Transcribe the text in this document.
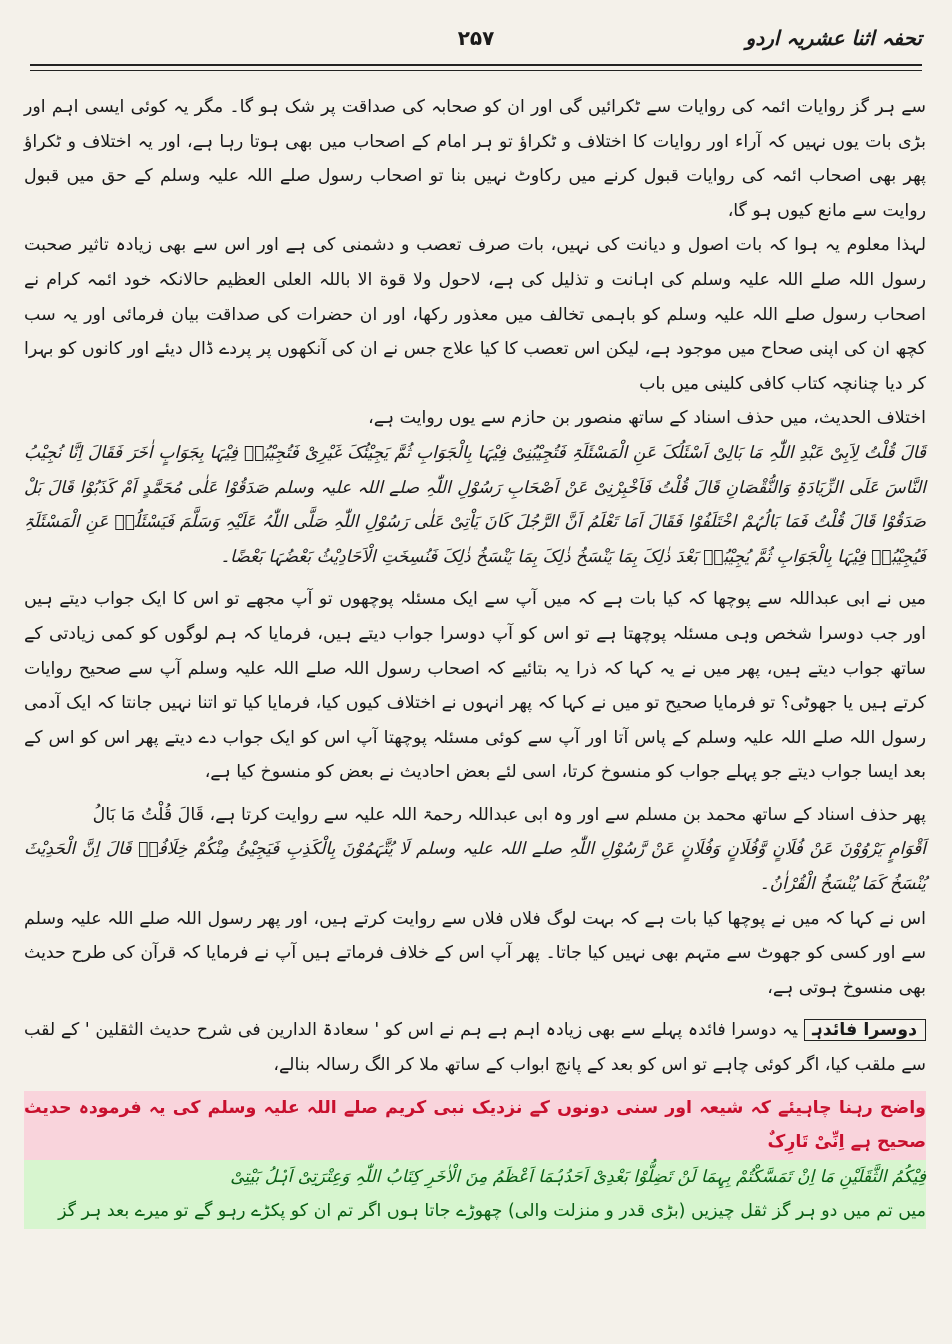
تحفہ اثنا عشریہ اردو
۲۵۷

سے ہر گز روایات ائمہ کی روایات سے ٹکرائیں گی اور ان کو صحابہ کی صداقت پر شک ہو گا۔ مگر یہ کوئی ایسی اہم اور بڑی بات یوں نہیں کہ آراء اور روایات کا اختلاف و ٹکراؤ تو ہر امام کے اصحاب میں بھی ہوتا رہا ہے، اور یہ اختلاف و ٹکراؤ پھر بھی اصحاب ائمہ کی روایات قبول کرنے میں رکاوٹ نہیں بنا تو اصحاب رسول صلے اللہ علیہ وسلم کے حق میں قبول روایت سے مانع کیوں ہو گا،

لہذا معلوم یہ ہوا کہ بات اصول و دیانت کی نہیں، بات صرف تعصب و دشمنی کی ہے اور اس سے بھی زیادہ تاثیر صحبت رسول اللہ صلے اللہ علیہ وسلم کی اہانت و تذلیل کی ہے، لاحول ولا قوة الا باللہ العلی العظیم حالانکہ خود ائمہ کرام نے اصحاب رسول صلے اللہ علیہ وسلم کو باہمی تخالف میں معذور رکھا، اور ان حضرات کی صداقت بیان فرمائی اور یہ سب کچھ ان کی اپنی صحاح میں موجود ہے، لیکن اس تعصب کا کیا علاج جس نے ان کی آنکھوں پر پردے ڈال دیئے اور کانوں کو بہرا کر دیا چنانچہ کتاب کافی کلینی میں باب

اختلاف الحدیث، میں حذف اسناد کے ساتھ منصور بن حازم سے یوں روایت ہے،

قَالَ قُلْتُ لِاَبِیْ عَبْدِ اللّٰہِ مَا بَالِیْ اَسْئَلُکَ عَنِ الْمَسْئَلَۃِ فَتُجِیْبُنِیْ فِیْہَا بِالْجَوَابِ ثُمَّ یَجِیْئُکَ غَیْرِیْ فَتُجِیْبُہٗ فِیْہَا بِجَوَابٍ اٰخَرَ فَقَالَ اِنَّا نُجِیْبُ النَّاسَ عَلَی الزِّیَادَۃِ وَالنُّقْصَانِ قَالَ قُلْتُ فَاَخْبِرْنِیْ عَنْ اَصْحَابِ رَسُوْلِ اللّٰہِ صلے اللہ علیہ وسلم صَدَقُوْا عَلٰی مُحَمَّدٍ اَمْ کَذَبُوْا قَالَ بَلْ صَدَقُوْا قَالَ قُلْتُ فَمَا بَالُہُمْ اخْتَلَفُوْا فَقَالَ اَمَا تَعْلَمُ اَنَّ الرَّجُلَ کَانَ یَاْتِیْ عَلٰی رَسُوْلِ اللّٰہِ صَلَّی اللّٰہُ عَلَیْہِ وَسَلَّمَ فَیَسْئَلُہٗ عَنِ الْمَسْئَلَۃِ فَیُجِیْبُہٗ فِیْہَا بِالْجَوَابِ ثُمَّ یُجِیْبُہٗ بَعْدَ ذٰلِکَ بِمَا یَنْسَخُ ذٰلِکَ بِمَا یَنْسَخُ ذٰلِکَ فَنُسِخَتِ الْاَحَادِیْثُ بَعْضُہَا بَعْضًا۔

میں نے ابی عبداللہ سے پوچھا کہ کیا بات ہے کہ میں آپ سے ایک مسئلہ پوچھوں تو آپ مجھے تو اس کا ایک جواب دیتے ہیں اور جب دوسرا شخص وہی مسئلہ پوچھتا ہے تو اس کو آپ دوسرا جواب دیتے ہیں، فرمایا کہ ہم لوگوں کو کمی زیادتی کے ساتھ جواب دیتے ہیں، پھر میں نے یہ کہا کہ ذرا یہ بتائیے کہ اصحاب رسول اللہ صلے اللہ علیہ وسلم آپ سے صحیح روایات کرتے ہیں یا جھوٹی؟ تو فرمایا صحیح تو میں نے کہا کہ پھر انہوں نے اختلاف کیوں کیا، فرمایا کیا تو اتنا نہیں جانتا کہ ایک آدمی رسول اللہ صلے اللہ علیہ وسلم کے پاس آتا اور آپ سے کوئی مسئلہ پوچھتا آپ اس کو ایک جواب دے دیتے پھر اس کو اس کے بعد ایسا جواب دیتے جو پہلے جواب کو منسوخ کرتا، اسی لئے بعض احادیث نے بعض کو منسوخ کیا ہے،

پھر حذف اسناد کے ساتھ محمد بن مسلم سے اور وہ ابی عبداللہ رحمۃ اللہ علیہ سے روایت کرتا ہے، قَالَ قُلْتُ مَا بَالُ

اَقْوَامٍ یَرْوُوْنَ عَنْ فُلَانٍ وَّفُلَانٍ وَفُلَانٍ عَنْ رَّسُوْلِ اللّٰہِ صلے اللہ علیہ وسلم لَا یُتَّہَمُوْنَ بِالْکَذِبِ فَیَجِیْئُ مِنْکُمْ خِلَافُہٗ قَالَ اِنَّ الْحَدِیْثَ یُنْسَخُ کَمَا یُنْسَخُ الْقُرْاٰنُ۔

اس نے کہا کہ میں نے پوچھا کیا بات ہے کہ بہت لوگ فلاں فلاں سے روایت کرتے ہیں، اور پھر رسول اللہ صلے اللہ علیہ وسلم سے اور کسی کو جھوٹ سے متہم بھی نہیں کیا جاتا۔ پھر آپ اس کے خلاف فرماتے ہیں آپ نے فرمایا کہ قرآن کی طرح حدیث بھی منسوخ ہوتی ہے،

دوسرا فائدہیہ دوسرا فائدہ پہلے سے بھی زیادہ اہم ہے ہم نے اس کو ' سعادۃ الدارین فی شرح حدیث الثقلین ' کے لقب سے ملقب کیا، اگر کوئی چاہے تو اس کو بعد کے پانچ ابواب کے ساتھ ملا کر الگ رسالہ بنالے،

واضح رہنا چاہیئے کہ شیعہ اور سنی دونوں کے نزدیک نبی کریم صلے اللہ علیہ وسلم کی یہ فرمودہ حدیث صحیح ہے اِنِّیْ تَارِکٌ
فِیْکُمُ الثَّقَلَیْنِ مَا اِنْ تَمَسَّکْتُمْ بِہِمَا لَنْ تَضِلُّوْا بَعْدِیْ اَحَدُہُمَا اَعْظَمُ مِنَ الْاٰخَرِ کِتَابُ اللّٰہِ وَعِتْرَتِیْ اَہْلُ بَیْتِیْ
میں تم میں دو ہر گز ثقل چیزیں (بڑی قدر و منزلت والی) چھوڑے جاتا ہوں اگر تم ان کو پکڑے رہو گے تو میرے بعد ہر گز
